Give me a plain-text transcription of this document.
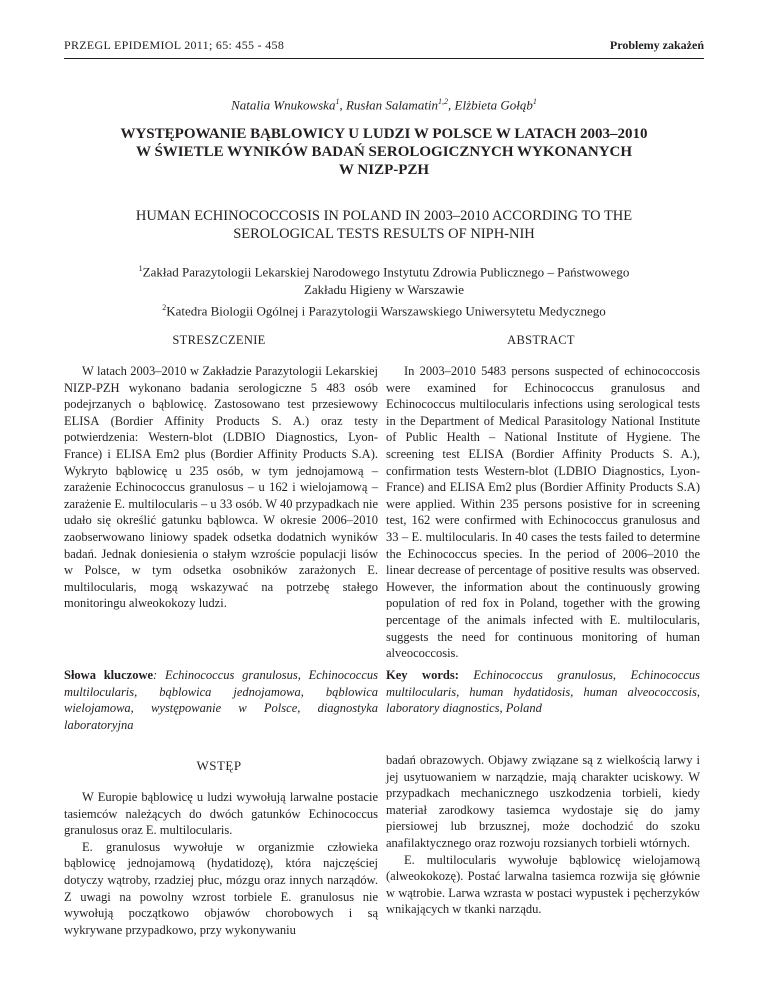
PRZEGL EPIDEMIOL 2011; 65: 455 - 458	Problemy zakażeń
Natalia Wnukowska$^1$, Rusłan Salamatin$^{1,2}$, Elżbieta Gołąb$^1$
WYSTĘPOWANIE BĄBLOWICY U LUDZI W POLSCE W LATACH 2003–2010
W ŚWIETLE WYNIKÓW BADAŃ SEROLOGICZNYCH WYKONANYCH
W NIZP-PZH
HUMAN ECHINOCOCCOSIS IN POLAND IN 2003–2010 ACCORDING TO THE
SEROLOGICAL TESTS RESULTS OF NIPH-NIH
$^1$Zakład Parazytologii Lekarskiej Narodowego Instytutu Zdrowia Publicznego – Państwowego
Zakładu Higieny w Warszawie
$^2$Katedra Biologii Ogólnej i Parazytologii Warszawskiego Uniwersytetu Medycznego
STRESZCZENIE	ABSTRACT

W latach 2003–2010 w Zakładzie Parazytologii Lekarskiej NIZP-PZH wykonano badania serologiczne 5 483 osób podejrzanych o bąblowicę. Zastosowano test przesiewowy ELISA (Bordier Affinity Products S. A.) oraz testy potwierdzenia: Western-blot (LDBIO Diagnostics, Lyon-France) i ELISA Em2 plus (Bordier Affinity Products S.A). Wykryto bąblowicę u 235 osób, w tym jednojamową – zarażenie Echinococcus granulosus – u 162 i wielojamową – zarażenie E. multilocularis – u 33 osób. W 40 przypadkach nie udało się określić gatunku bąblowca. W okresie 2006–2010 zaobserwowano liniowy spadek odsetka dodatnich wyników badań. Jednak doniesienia o stałym wzroście populacji lisów w Polsce, w tym odsetka osobników zarażonych E. multilocularis, mogą wskazywać na potrzebę stałego monitoringu alweokokozy ludzi.

In 2003–2010 5483 persons suspected of echinococcosis were examined for Echinococcus granulosus and Echinococcus multilocularis infections using serological tests in the Department of Medical Parasitology National Institute of Public Health – National Institute of Hygiene. The screening test ELISA (Bordier Affinity Products S. A.), confirmation tests Western-blot (LDBIO Diagnostics, Lyon-France) and ELISA Em2 plus (Bordier Affinity Products S.A) were applied. Within 235 persons posistive for in screening test, 162 were confirmed with Echinococcus granulosus and 33 – E. multilocularis. In 40 cases the tests failed to determine the Echinococcus species. In the period of 2006–2010 the linear decrease of percentage of positive results was observed. However, the information about the continuously growing population of red fox in Poland, together with the growing percentage of the animals infected with E. multilocularis, suggests the need for continuous monitoring of human alveococcosis.

Słowa kluczowe: Echinococcus granulosus, Echinococcus multilocularis, bąblowica jednojamowa, bąblowica wielojamowa, występowanie w Polsce, diagnostyka laboratoryjna
Key words: Echinococcus granulosus, Echinococcus multilocularis, human hydatidosis, human alveococcosis, laboratory diagnostics, Poland
WSTĘP

W Europie bąblowicę u ludzi wywołują larwalne postacie tasiemców należących do dwóch gatunków Echinococcus granulosus oraz E. multilocularis.

E. granulosus wywołuje w organizmie człowieka bąblowicę jednojamową (hydatidozę), która najczęściej dotyczy wątroby, rzadziej płuc, mózgu oraz innych narządów. Z uwagi na powolny wzrost torbiele E. granulosus nie wywołują początkowo objawów chorobowych i są wykrywane przypadkowo, przy wykonywaniu

badań obrazowych. Objawy związane są z wielkością larwy i jej usytuowaniem w narządzie, mają charakter uciskowy. W przypadkach mechanicznego uszkodzenia torbieli, kiedy materiał zarodkowy tasiemca wydostaje się do jamy piersiowej lub brzusznej, może dochodzić do szoku anafilaktycznego oraz rozwoju rozsianych torbieli wtórnych.

E. multilocularis wywołuje bąblowicę wielojamową (alweokokozę). Postać larwalna tasiemca rozwija się głównie w wątrobie. Larwa wzrasta w postaci wypustek i pęcherzyków wnikających w tkanki narządu.
